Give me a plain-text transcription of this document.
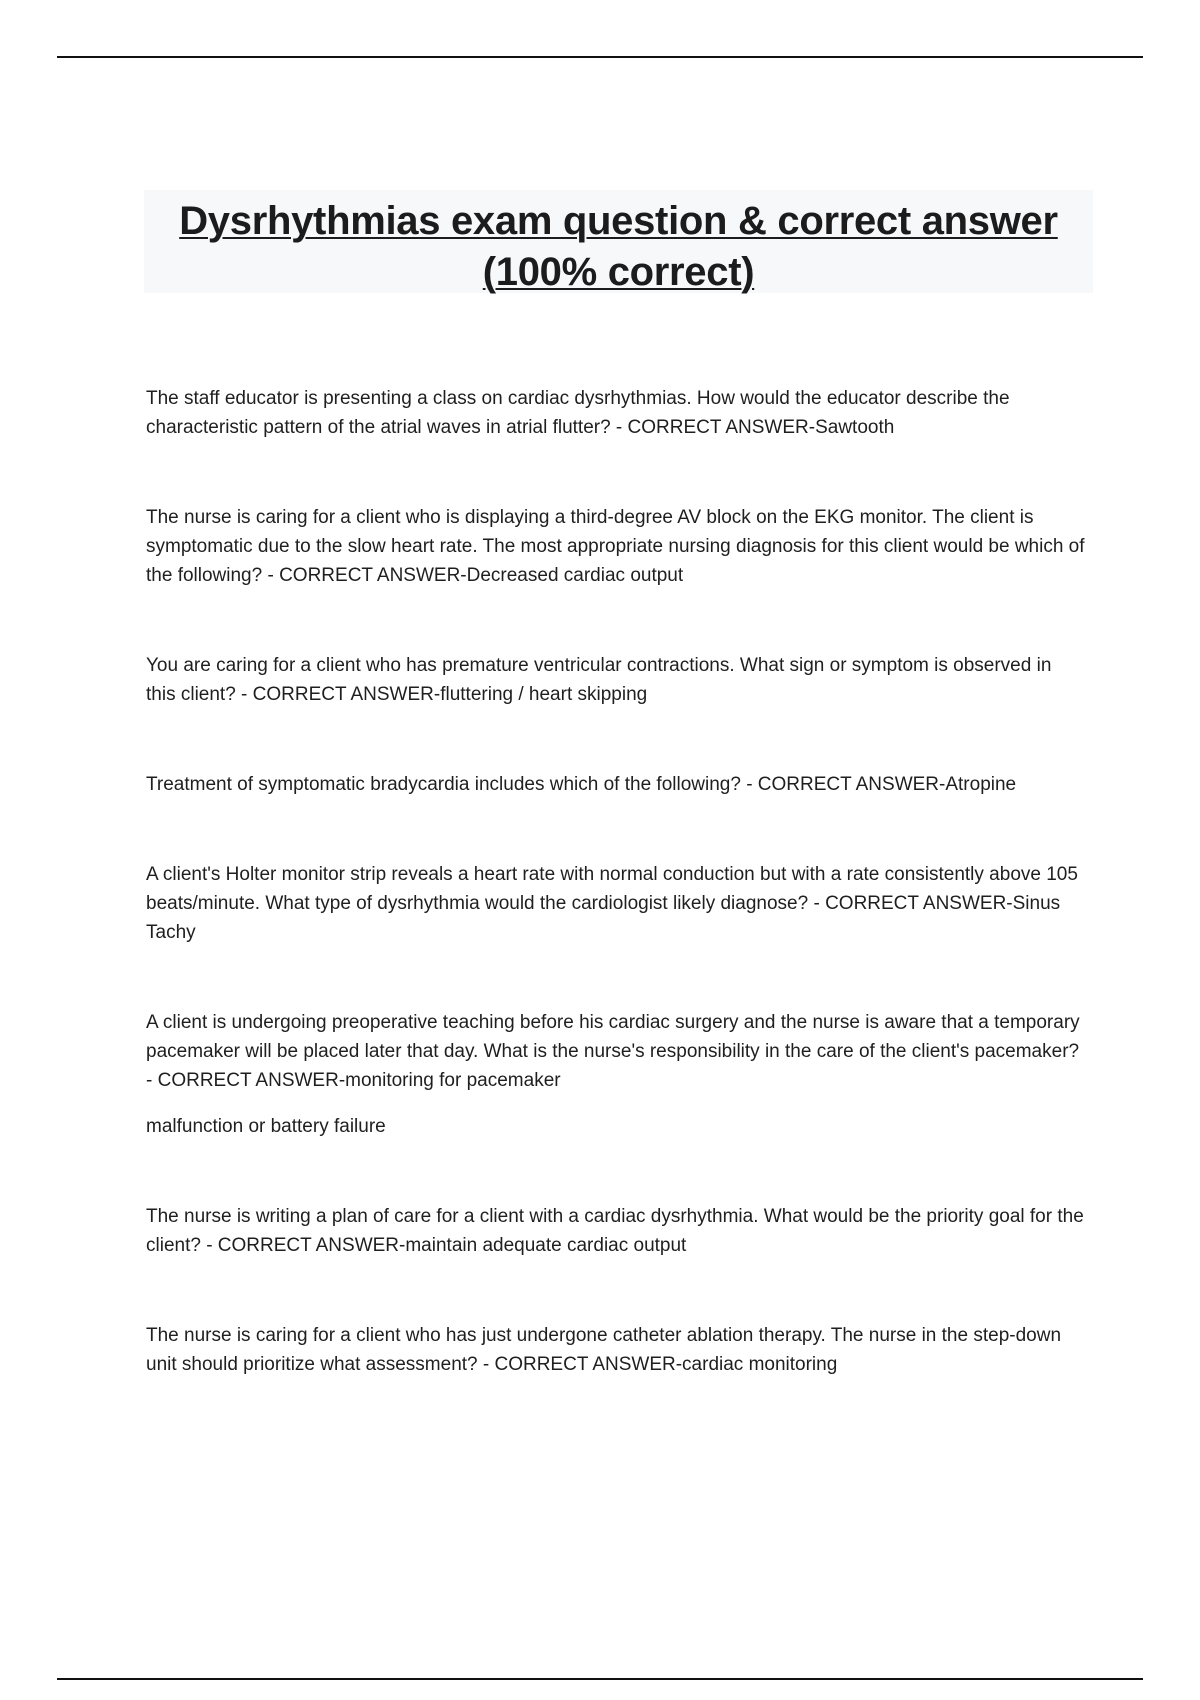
Dysrhythmias exam question & correct answer (100% correct)

The staff educator is presenting a class on cardiac dysrhythmias. How would the educator describe the characteristic pattern of the atrial waves in atrial flutter? - CORRECT ANSWER-Sawtooth

The nurse is caring for a client who is displaying a third-degree AV block on the EKG monitor. The client is symptomatic due to the slow heart rate. The most appropriate nursing diagnosis for this client would be which of the following? - CORRECT ANSWER-Decreased cardiac output

You are caring for a client who has premature ventricular contractions. What sign or symptom is observed in this client? - CORRECT ANSWER-fluttering / heart skipping

Treatment of symptomatic bradycardia includes which of the following? - CORRECT ANSWER-Atropine

A client's Holter monitor strip reveals a heart rate with normal conduction but with a rate consistently above 105 beats/minute. What type of dysrhythmia would the cardiologist likely diagnose? - CORRECT ANSWER-Sinus Tachy

A client is undergoing preoperative teaching before his cardiac surgery and the nurse is aware that a temporary pacemaker will be placed later that day. What is the nurse's responsibility in the care of the client's pacemaker? - CORRECT ANSWER-monitoring for pacemaker
malfunction or battery failure

The nurse is writing a plan of care for a client with a cardiac dysrhythmia. What would be the priority goal for the client? - CORRECT ANSWER-maintain adequate cardiac output

The nurse is caring for a client who has just undergone catheter ablation therapy. The nurse in the step-down unit should prioritize what assessment? - CORRECT ANSWER-cardiac monitoring
